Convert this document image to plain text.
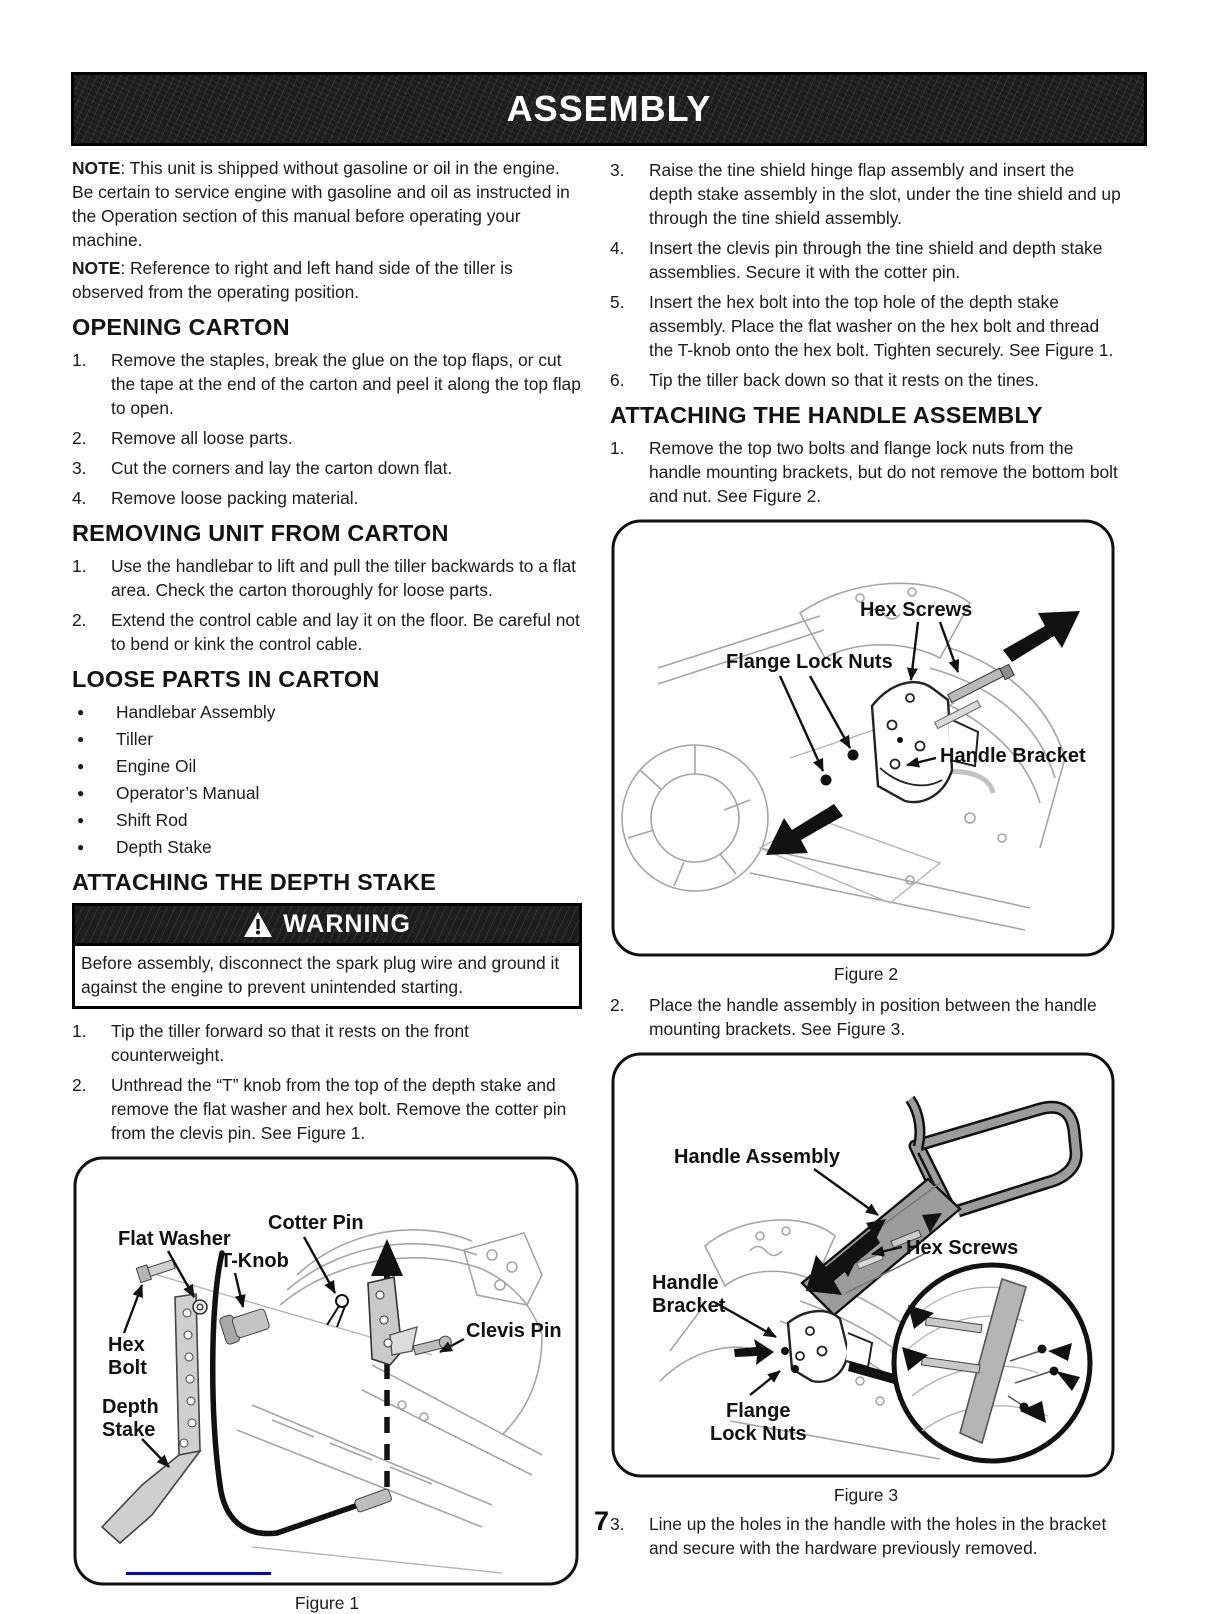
ASSEMBLY

NOTE: This unit is shipped without gasoline or oil in the engine. Be certain to service engine with gasoline and oil as instructed in the Operation section of this manual before operating your machine.

NOTE: Reference to right and left hand side of the tiller is observed from the operating position.

OPENING CARTON
1.	Remove the staples, break the glue on the top flaps, or cut the tape at the end of the carton and peel it along the top flap to open.
2.	Remove all loose parts.
3.	Cut the corners and lay the carton down flat.
4.	Remove loose packing material.
REMOVING UNIT FROM CARTON
1.	Use the handlebar to lift and pull the tiller backwards to a flat area. Check the carton thoroughly for loose parts.
2.	Extend the control cable and lay it on the floor. Be careful not to bend or kink the control cable.
LOOSE PARTS IN CARTON
●	Handlebar Assembly
●	Tiller
●	Engine Oil
●	Operator’s Manual
●	Shift Rod
●	Depth Stake
ATTACHING THE DEPTH STAKE
WARNING
Before assembly, disconnect the spark plug wire and ground it against the engine to prevent unintended starting.
1.	Tip the tiller forward so that it rests on the front counterweight.
2.	Unthread the “T” knob from the top of the depth stake and remove the flat washer and hex bolt. Remove the cotter pin from the clevis pin. See Figure 1.
Flat Washer
Cotter Pin
T-Knob
Hex
Bolt
Depth
Stake
Clevis Pin
Figure 1
3.	Raise the tine shield hinge flap assembly and insert the depth stake assembly in the slot, under the tine shield and up through the tine shield assembly.
4.	Insert the clevis pin through the tine shield and depth stake assemblies. Secure it with the cotter pin.
5.	Insert the hex bolt into the top hole of the depth stake assembly. Place the flat washer on the hex bolt and thread the T-knob onto the hex bolt. Tighten securely. See Figure 1.
6.	Tip the tiller back down so that it rests on the tines.
ATTACHING THE HANDLE ASSEMBLY
1.	Remove the top two bolts and flange lock nuts from the handle mounting brackets, but do not remove the bottom bolt and nut. See Figure 2.
Hex Screws
Flange Lock Nuts
Handle Bracket
Figure 2
2.	Place the handle assembly in position between the handle mounting brackets. See Figure 3.
Handle Assembly
Hex Screws
Handle
Bracket
Flange
Lock Nuts
Figure 3
3.	Line up the holes in the handle with the holes in the bracket and secure with the hardware previously removed.
7
